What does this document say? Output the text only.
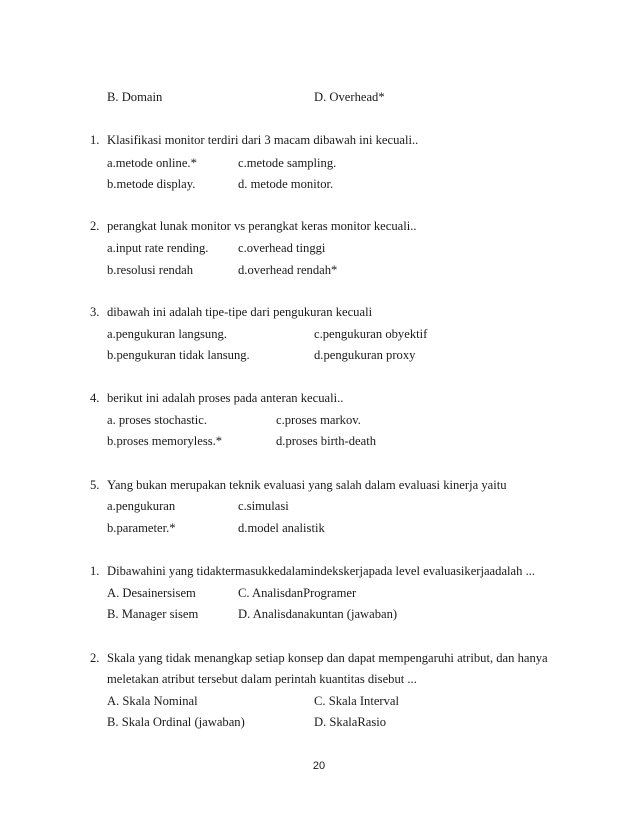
B. Domain	D. Overhead*
1. Klasifikasi monitor terdiri dari 3 macam dibawah ini kecuali..
a.metode online.*	c.metode sampling.
b.metode display.	d. metode monitor.
2. perangkat lunak monitor vs perangkat keras monitor kecuali..
a.input rate rending. c.overhead tinggi
b.resolusi rendah	d.overhead rendah*
3. dibawah ini adalah tipe-tipe dari pengukuran kecuali
a.pengukuran langsung.	c.pengukuran obyektif
b.pengukuran tidak lansung.	d.pengukuran proxy
4. berikut ini adalah proses pada anteran kecuali..
a. proses stochastic.	c.proses markov.
b.proses memoryless.*	d.proses birth-death
5. Yang bukan merupakan teknik evaluasi yang salah dalam evaluasi kinerja yaitu
a.pengukuran	c.simulasi
b.parameter.*	d.model analistik
1. Dibawahini yang tidaktermasukkedalamindekskerjapada level evaluasikerjaadalah ...
A. Desainersisem	C. AnalisdanProgramer
B. Manager sisem	D. Analisdanakuntan (jawaban)
2. Skala yang tidak menangkap setiap konsep dan dapat mempengaruhi atribut, dan hanya
meletakan atribut tersebut dalam perintah kuantitas disebut ...
A. Skala Nominal	C. Skala Interval
B. Skala Ordinal (jawaban)	D. SkalaRasio
20
